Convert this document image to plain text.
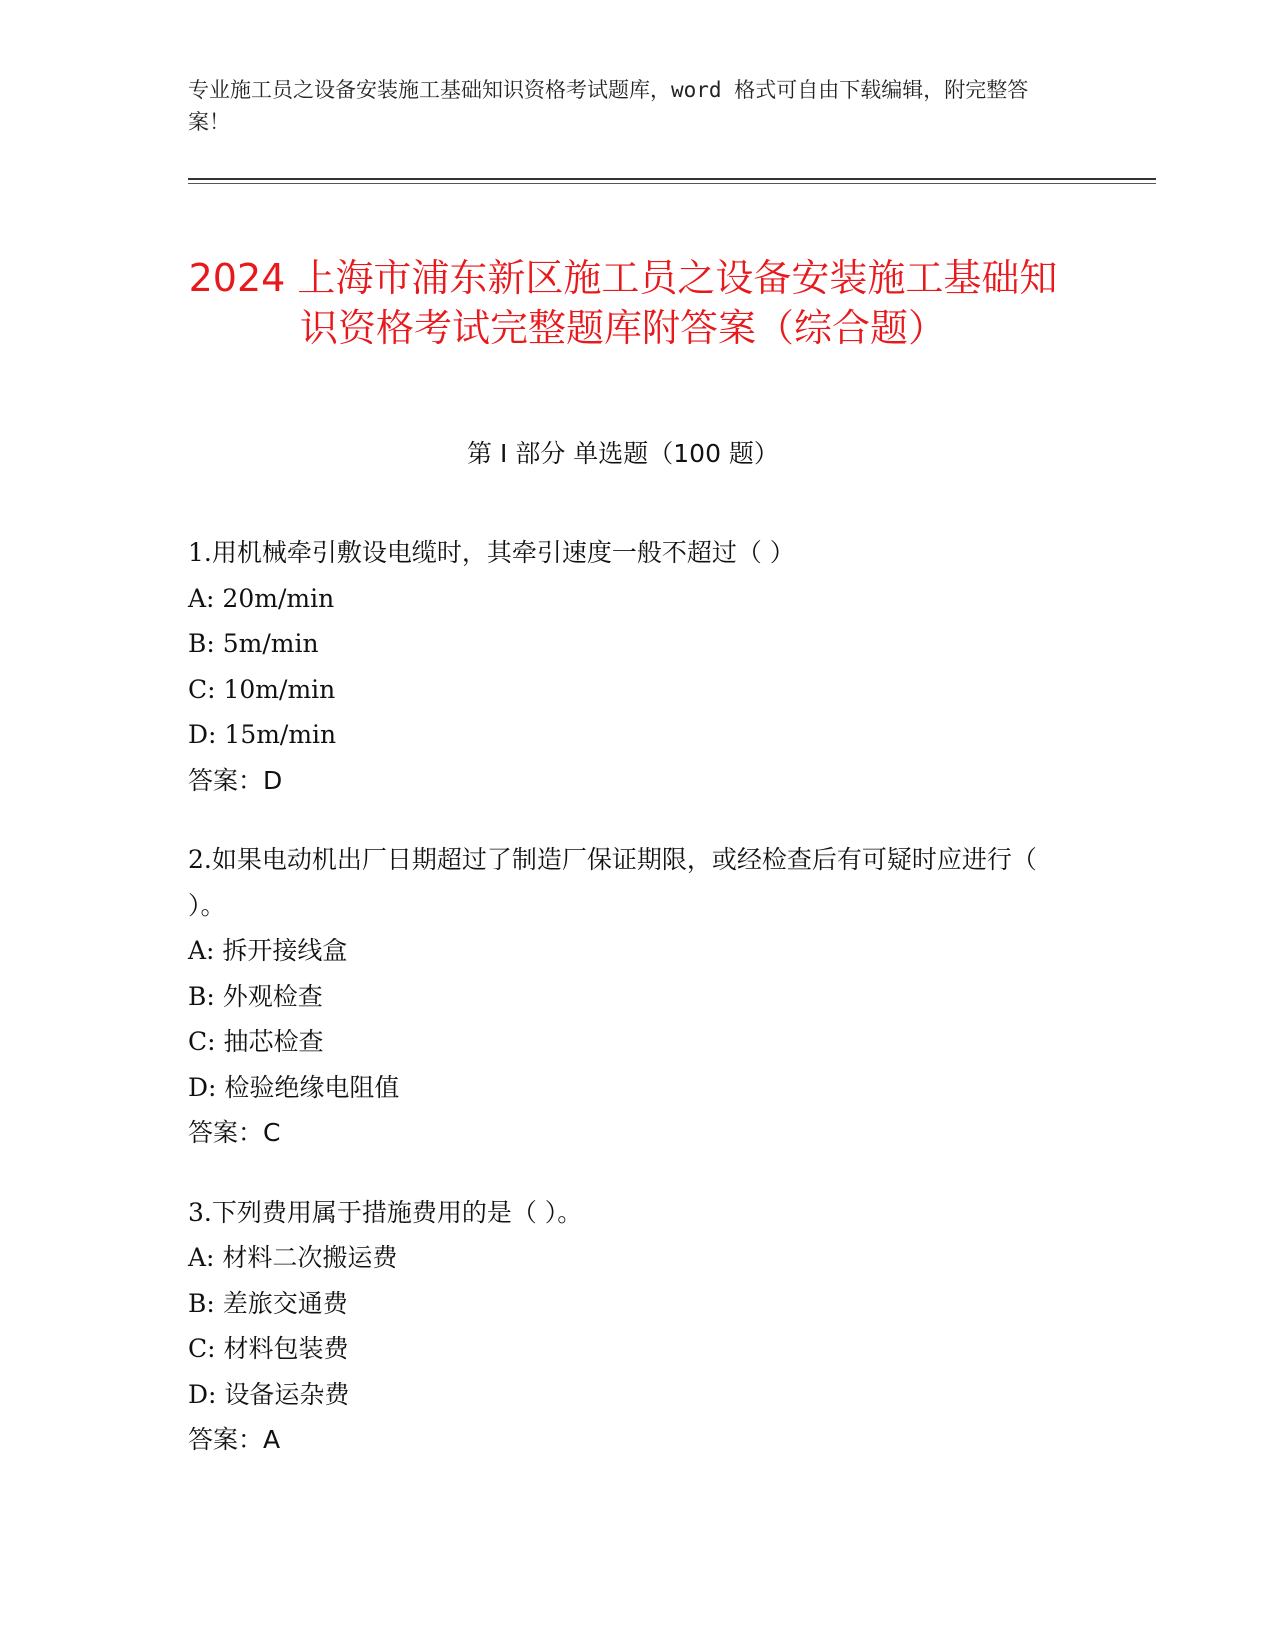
专业施工员之设备安装施工基础知识资格考试题库，word 格式可自由下载编辑，附完整答案！
2024 上海市浦东新区施工员之设备安装施工基础知识资格考试完整题库附答案（综合题）
第 I 部分 单选题（100 题）
1.用机械牵引敷设电缆时，其牵引速度一般不超过（ ）
A: 20m/min
B: 5m/min
C: 10m/min
D: 15m/min
答案：D
2.如果电动机出厂日期超过了制造厂保证期限，或经检查后有可疑时应进行（ ）。
A: 拆开接线盒
B: 外观检查
C: 抽芯检查
D: 检验绝缘电阻值
答案：C
3.下列费用属于措施费用的是（ ）。
A: 材料二次搬运费
B: 差旅交通费
C: 材料包装费
D: 设备运杂费
答案：A
